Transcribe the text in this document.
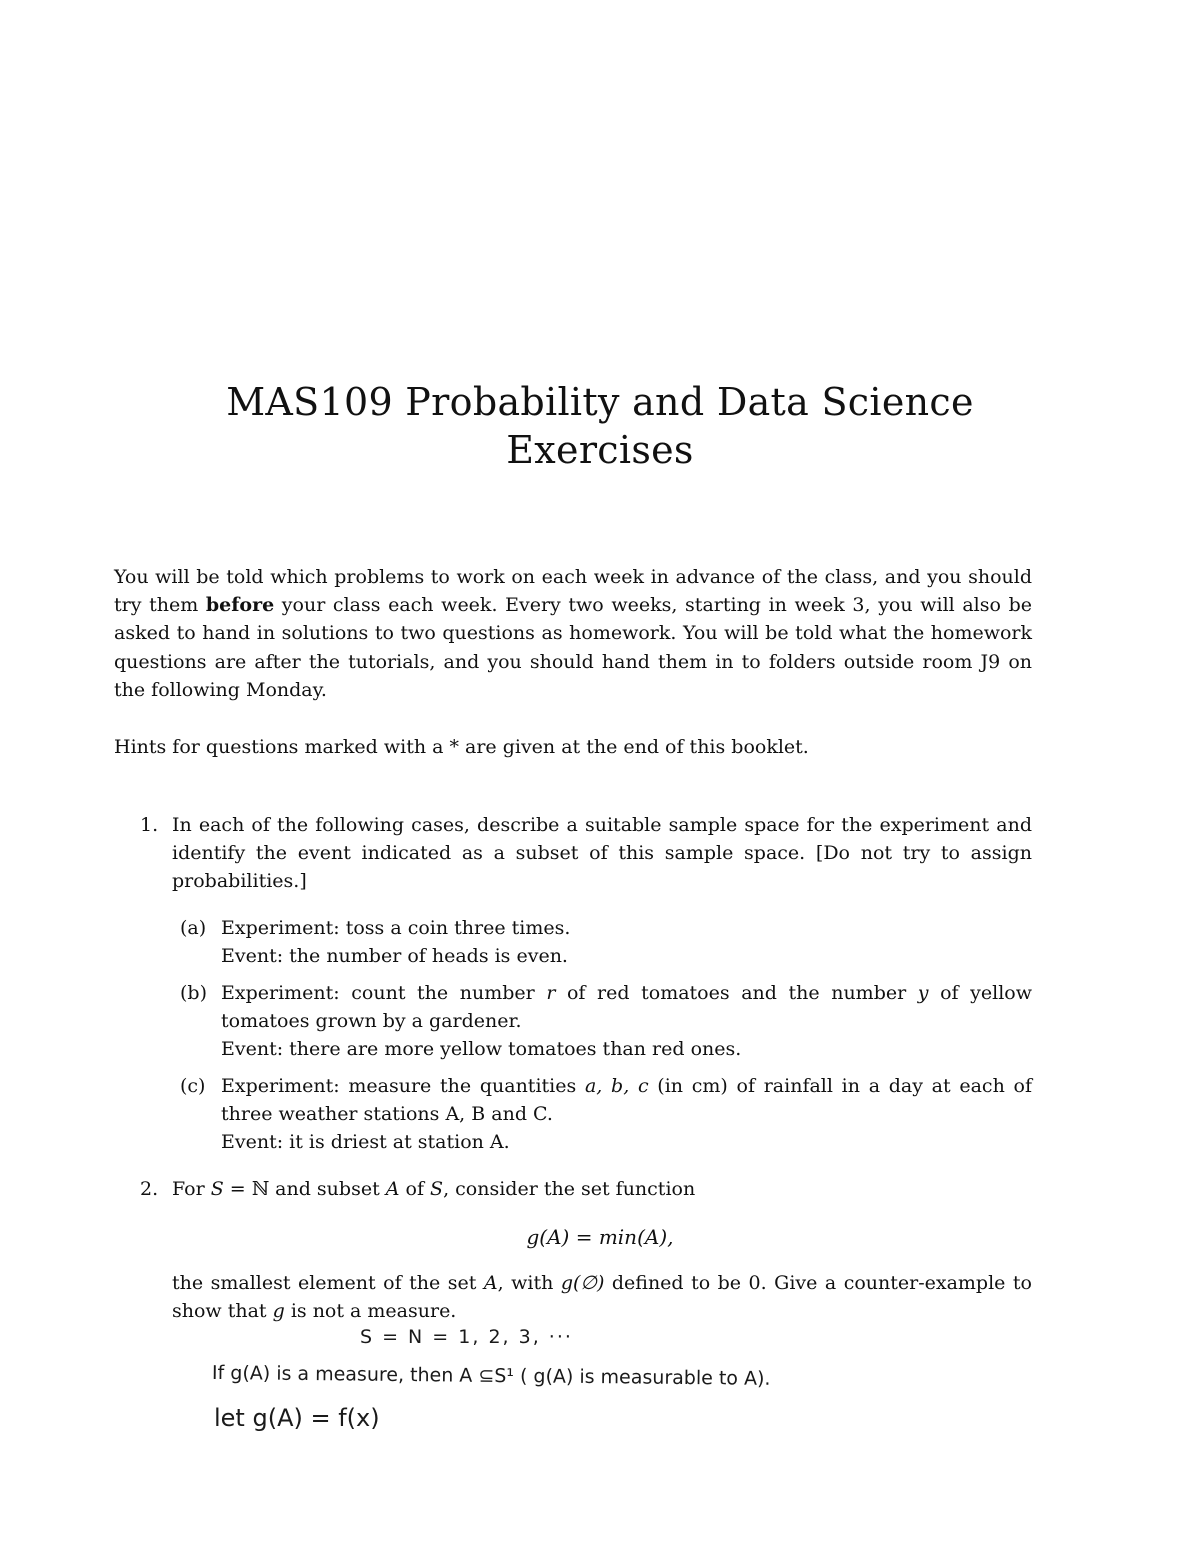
MAS109 Probability and Data Science
Exercises

You will be told which problems to work on each week in advance of the class, and you should try them before your class each week. Every two weeks, starting in week 3, you will also be asked to hand in solutions to two questions as homework. You will be told what the homework questions are after the tutorials, and you should hand them in to folders outside room J9 on the following Monday.

Hints for questions marked with a * are given at the end of this booklet.

1. In each of the following cases, describe a suitable sample space for the experiment and identify the event indicated as a subset of this sample space. [Do not try to assign probabilities.]

(a) Experiment: toss a coin three times.
Event: the number of heads is even.

(b) Experiment: count the number r of red tomatoes and the number y of yellow tomatoes grown by a gardener.
Event: there are more yellow tomatoes than red ones.

(c) Experiment: measure the quantities a, b, c (in cm) of rainfall in a day at each of three weather stations A, B and C.
Event: it is driest at station A.

2. For S = ℕ and subset A of S, consider the set function

g(A) = min(A),

the smallest element of the set A, with g(∅) defined to be 0. Give a counter-example to show that g is not a measure.

S = N = 1, 2, 3, ···
If g(A) is a measure, then A ⊆S¹ ( g(A) is measurable to A).
let g(A) = f(x)
